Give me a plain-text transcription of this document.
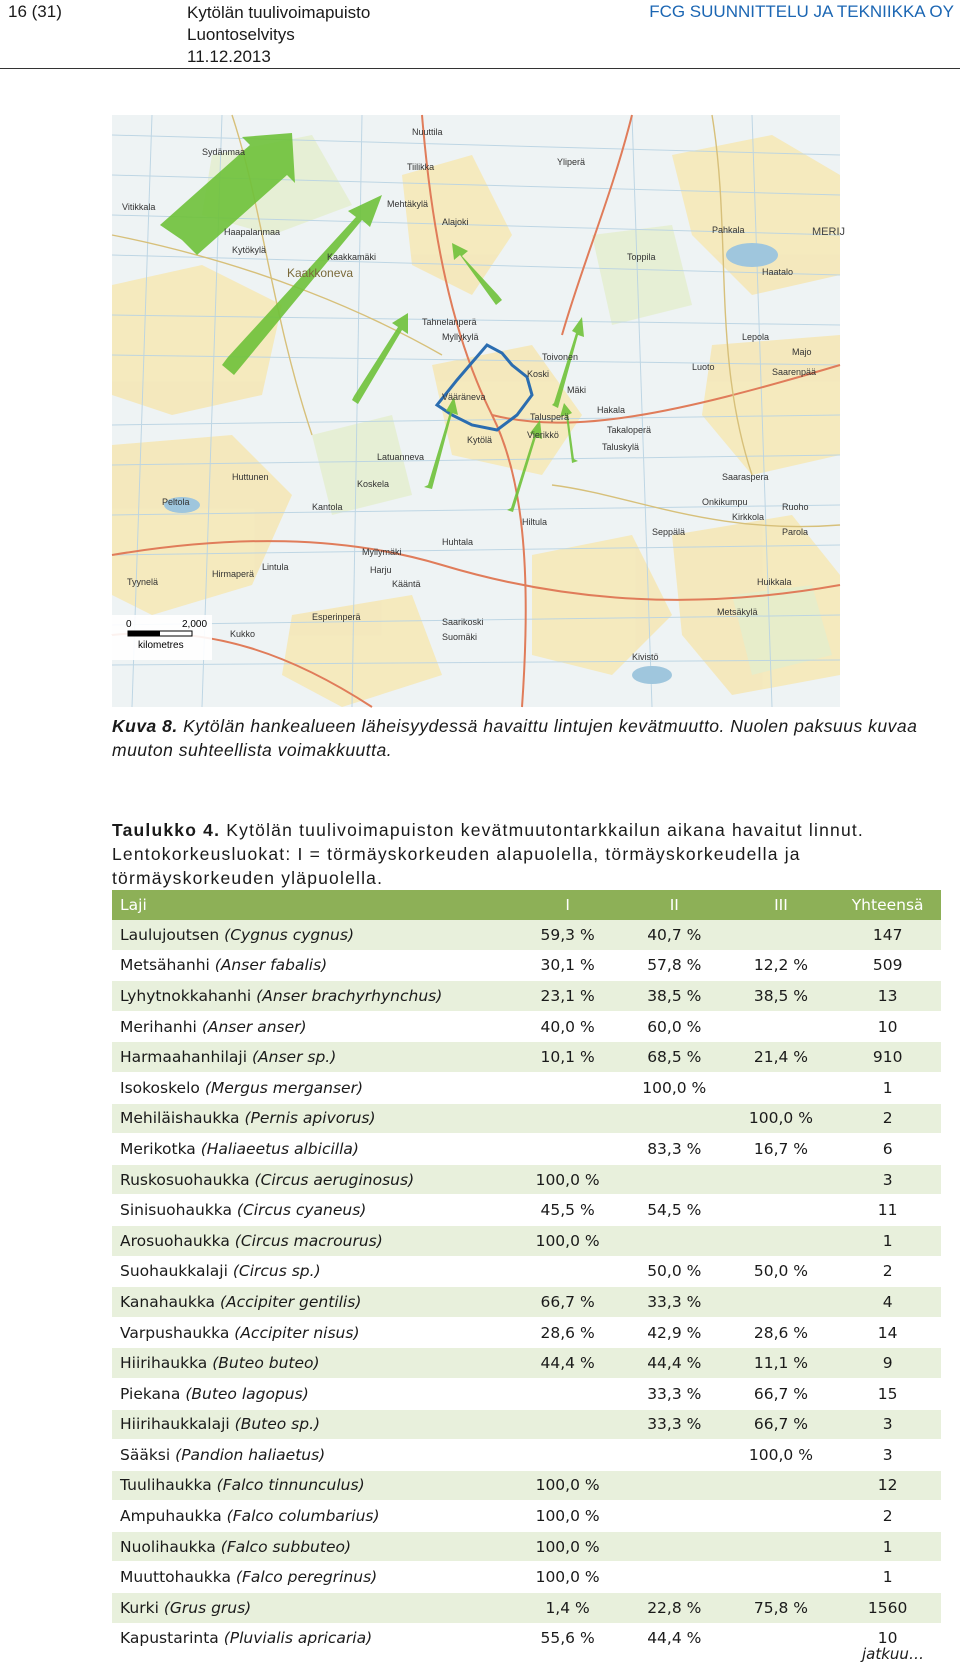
16 (31)	Kytölän tuulivoimapuisto
Luontoselvitys
11.12.2013
FCG SUUNNITTELU JA TEKNIIKKA OY
Nuuttila
Sydänmaa
Vitikkala
Tiilikka
Haapalanmaa
Kytökylä
Kaakkamäki
Kaakkoneva
Mehtäkylä
Alajoki
Tahnelanperä
Myllykylä
Kytölä
Vääräneva
Koski
Toivonen
Hakala
Mäki
Talusperä
Taluskylä
Vierikkö
Yliperä
Takaloperä
Toppila
Pahkala
Haatalo
Majo
Lepola
Saarenpää
Luoto
Latuanneva
Koskela
Kantola
Huttunen	Saaraspera
Onkikumpu
Kirkkola
Seppälä
Peltola
Hiltula
Huhtala
Ruoho
Parola
Myllymäki
Kääntä
Harju
Lintula
Kukko
Esperinperä
Hirmaperä
Saarikoski
Suomäki
Tyynelä
Metsäkylä
Huikkala
Kivistö
MERIJ
0	2,000
kilometres
Kuva 8. Kytölän hankealueen läheisyydessä havaittu lintujen kevätmuutto. Nuolen paksuus kuvaa muuton suhteellista voimakkuutta.
Taulukko 4. Kytölän tuulivoimapuiston kevätmuutontarkkailun aikana havaitut linnut. Lentokorkeusluokat: I = törmäyskorkeuden alapuolella, törmäyskorkeudella ja törmäyskorkeuden yläpuolella.
Laji	I	II	III	Yhteensä
Laulujoutsen (Cygnus cygnus)	59,3 %	40,7 %		147
Metsähanhi (Anser fabalis)	30,1 %	57,8 %	12,2 %	509
Lyhytnokkahanhi (Anser brachyrhynchus)	23,1 %	38,5 %	38,5 %	13
Merihanhi (Anser anser)	40,0 %	60,0 %		10
Harmaahanhilaji (Anser sp.)	10,1 %	68,5 %	21,4 %	910
Isokoskelo (Mergus merganser)		100,0 %		1
Mehiläishaukka (Pernis apivorus)			100,0 %	2
Merikotka (Haliaeetus albicilla)		83,3 %	16,7 %	6
Ruskosuohaukka (Circus aeruginosus)	100,0 %			3
Sinisuohaukka (Circus cyaneus)	45,5 %	54,5 %		11
Arosuohaukka (Circus macrourus)	100,0 %			1
Suohaukkalaji (Circus sp.)		50,0 %	50,0 %	2
Kanahaukka (Accipiter gentilis)	66,7 %	33,3 %		4
Varpushaukka (Accipiter nisus)	28,6 %	42,9 %	28,6 %	14
Hiirihaukka (Buteo buteo)	44,4 %	44,4 %	11,1 %	9
Piekana (Buteo lagopus)		33,3 %	66,7 %	15
Hiirihaukkalaji (Buteo sp.)		33,3 %	66,7 %	3
Sääksi (Pandion haliaetus)			100,0 %	3
Tuulihaukka (Falco tinnunculus)	100,0 %			12
Ampuhaukka (Falco columbarius)	100,0 %			2
Nuolihaukka (Falco subbuteo)	100,0 %			1
Muuttohaukka (Falco peregrinus)	100,0 %			1
Kurki (Grus grus)	1,4 %	22,8 %	75,8 %	1560
Kapustarinta (Pluvialis apricaria)	55,6 %	44,4 %		10
jatkuu…
